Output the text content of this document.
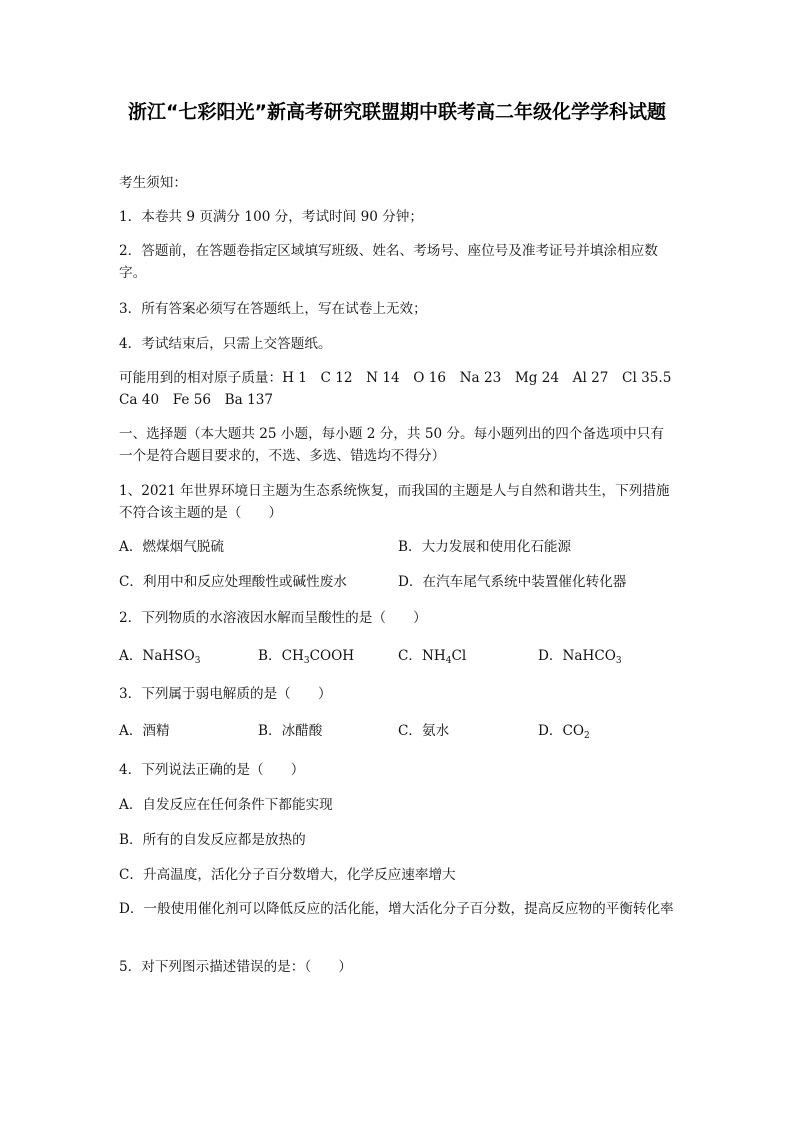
浙江“七彩阳光”新高考研究联盟期中联考高二年级化学学科试题
考生须知：
1．本卷共 9 页满分 100 分，考试时间 90 分钟；
2．答题前，在答题卷指定区域填写班级、姓名、考场号、座位号及准考证号并填涂相应数字。
3．所有答案必须写在答题纸上，写在试卷上无效；
4．考试结束后，只需上交答题纸。
可能用到的相对原子质量：H 1　C 12　N 14　O 16　Na 23　Mg 24　Al 27　Cl 35.5　Ca 40　Fe 56　Ba 137
一、选择题（本大题共 25 小题，每小题 2 分，共 50 分。每小题列出的四个备选项中只有一个是符合题目要求的，不选、多选、错选均不得分）
1、2021 年世界环境日主题为生态系统恢复，而我国的主题是人与自然和谐共生，下列措施不符合该主题的是（　　）
A．燃煤烟气脱硫	B．大力发展和使用化石能源
C．利用中和反应处理酸性或碱性废水	D．在汽车尾气系统中装置催化转化器
2．下列物质的水溶液因水解而呈酸性的是（　　）
A．NaHSO$_3$	B．$CH_3COOH$	C．$NH_4Cl$	D．NaHCO$_3$
3．下列属于弱电解质的是（　　）
A．酒精	B．冰醋酸	C．氨水	D．$CO_2$
4．下列说法正确的是（　　）
A．自发反应在任何条件下都能实现
B．所有的自发反应都是放热的
C．升高温度，活化分子百分数增大，化学反应速率增大
D．一般使用催化剂可以降低反应的活化能，增大活化分子百分数，提高反应物的平衡转化率
5．对下列图示描述错误的是：（　　）
